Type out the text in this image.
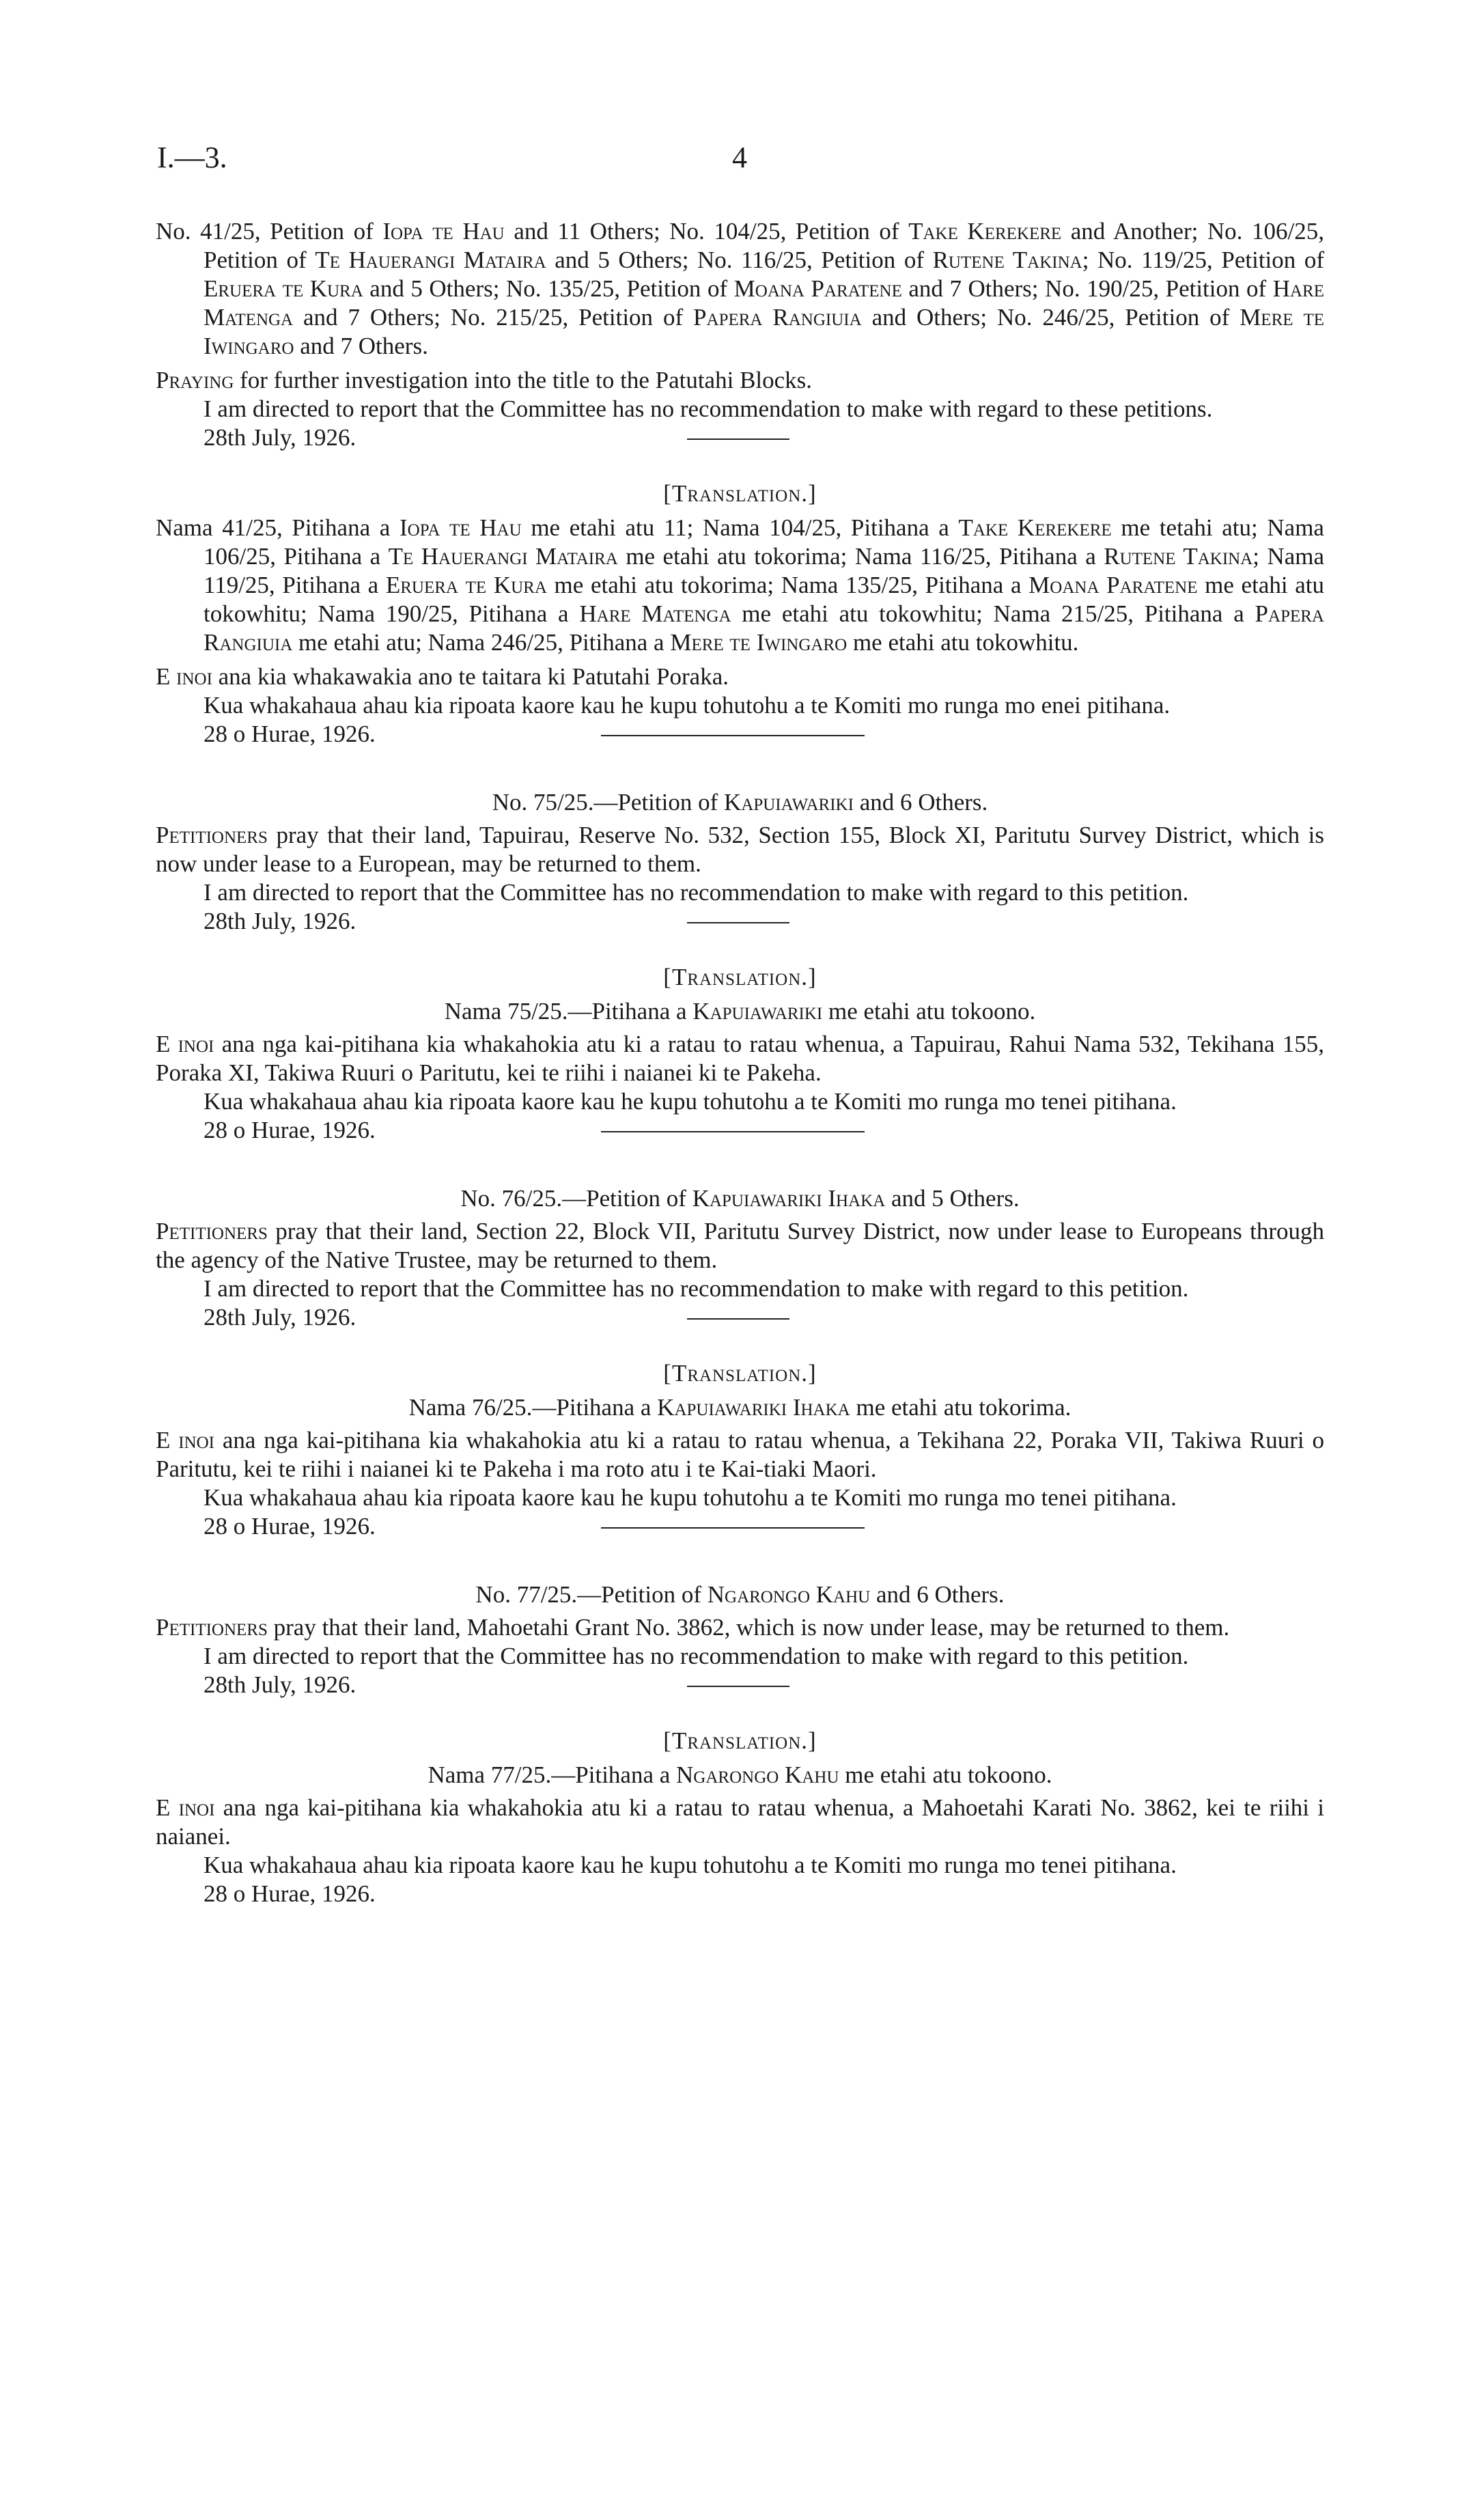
I.—3.	4

No. 41/25, Petition of Iopa te Hau and 11 Others; No. 104/25, Petition of Take Kerekere and Another; No. 106/25, Petition of Te Hauerangi Mataira and 5 Others; No. 116/25, Petition of Rutene Takina; No. 119/25, Petition of Eruera te Kura and 5 Others; No. 135/25, Petition of Moana Paratene and 7 Others; No. 190/25, Petition of Hare Matenga and 7 Others; No. 215/25, Petition of Papera Rangiuia and Others; No. 246/25, Petition of Mere te Iwingaro and 7 Others.

Praying for further investigation into the title to the Patutahi Blocks.

I am directed to report that the Committee has no recommendation to make with regard to these petitions.

28th July, 1926.

[Translation.]

Nama 41/25, Pitihana a Iopa te Hau me etahi atu 11; Nama 104/25, Pitihana a Take Kerekere me tetahi atu; Nama 106/25, Pitihana a Te Hauerangi Mataira me etahi atu tokorima; Nama 116/25, Pitihana a Rutene Takina; Nama 119/25, Pitihana a Eruera te Kura me etahi atu tokorima; Nama 135/25, Pitihana a Moana Paratene me etahi atu tokowhitu; Nama 190/25, Pitihana a Hare Matenga me etahi atu tokowhitu; Nama 215/25, Pitihana a Papera Rangiuia me etahi atu; Nama 246/25, Pitihana a Mere te Iwingaro me etahi atu tokowhitu.

E inoi ana kia whakawakia ano te taitara ki Patutahi Poraka.

Kua whakahaua ahau kia ripoata kaore kau he kupu tohutohu a te Komiti mo runga mo enei pitihana.

28 o Hurae, 1926.

No. 75/25.—Petition of Kapuiawariki and 6 Others.

Petitioners pray that their land, Tapuirau, Reserve No. 532, Section 155, Block XI, Paritutu Survey District, which is now under lease to a European, may be returned to them.

I am directed to report that the Committee has no recommendation to make with regard to this petition.

28th July, 1926.

[Translation.]

Nama 75/25.—Pitihana a Kapuiawariki me etahi atu tokoono.

E inoi ana nga kai-pitihana kia whakahokia atu ki a ratau to ratau whenua, a Tapuirau, Rahui Nama 532, Tekihana 155, Poraka XI, Takiwa Ruuri o Paritutu, kei te riihi i naianei ki te Pakeha.

Kua whakahaua ahau kia ripoata kaore kau he kupu tohutohu a te Komiti mo runga mo tenei pitihana.

28 o Hurae, 1926.

No. 76/25.—Petition of Kapuiawariki Ihaka and 5 Others.

Petitioners pray that their land, Section 22, Block VII, Paritutu Survey District, now under lease to Europeans through the agency of the Native Trustee, may be returned to them.

I am directed to report that the Committee has no recommendation to make with regard to this petition.

28th July, 1926.

[Translation.]

Nama 76/25.—Pitihana a Kapuiawariki Ihaka me etahi atu tokorima.

E inoi ana nga kai-pitihana kia whakahokia atu ki a ratau to ratau whenua, a Tekihana 22, Poraka VII, Takiwa Ruuri o Paritutu, kei te riihi i naianei ki te Pakeha i ma roto atu i te Kai-tiaki Maori.

Kua whakahaua ahau kia ripoata kaore kau he kupu tohutohu a te Komiti mo runga mo tenei pitihana.

28 o Hurae, 1926.

No. 77/25.—Petition of Ngarongo Kahu and 6 Others.

Petitioners pray that their land, Mahoetahi Grant No. 3862, which is now under lease, may be returned to them.

I am directed to report that the Committee has no recommendation to make with regard to this petition.

28th July, 1926.

[Translation.]

Nama 77/25.—Pitihana a Ngarongo Kahu me etahi atu tokoono.

E inoi ana nga kai-pitihana kia whakahokia atu ki a ratau to ratau whenua, a Mahoetahi Karati No. 3862, kei te riihi i naianei.

Kua whakahaua ahau kia ripoata kaore kau he kupu tohutohu a te Komiti mo runga mo tenei pitihana.

28 o Hurae, 1926.
